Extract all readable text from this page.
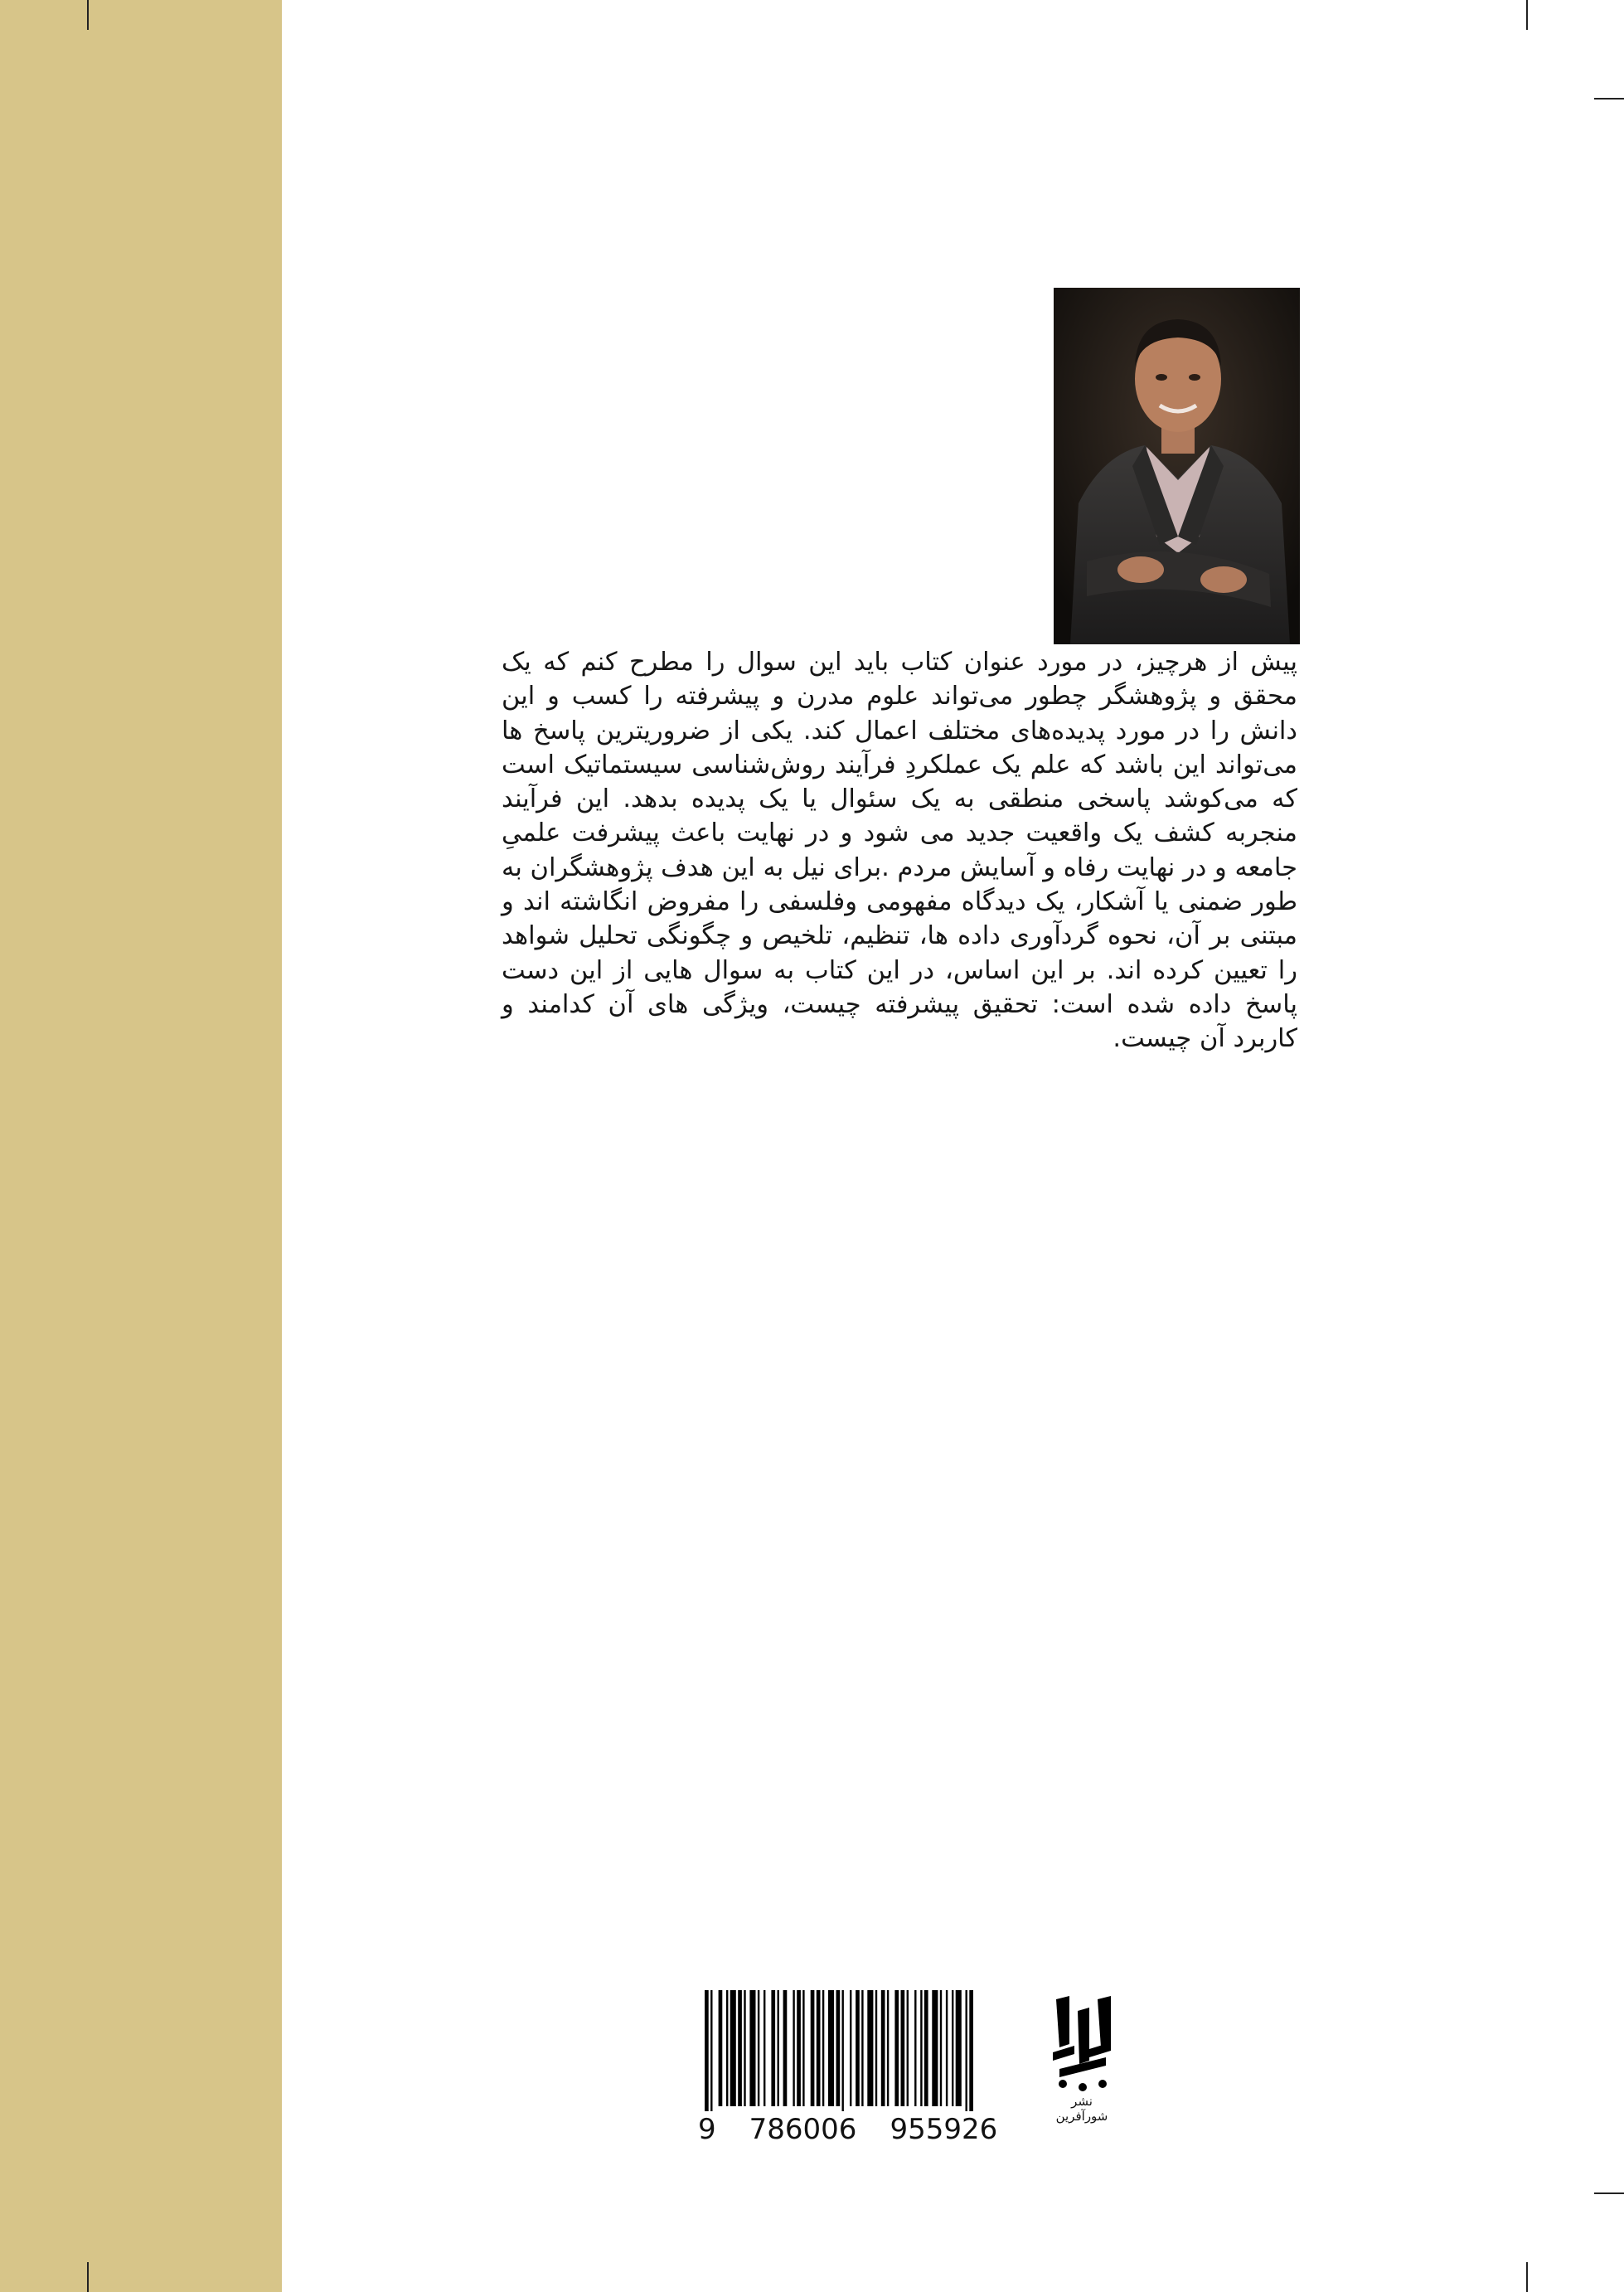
پیش از هرچیز، در مورد عنوان کتاب باید این سوال را مطرح کنم که یک محقق و پژوهشگر چطور می‌تواند علوم مدرن و پیشرفته را کسب و این دانش را در مورد پدیده‌های مختلف اعمال کند. یکی از ضروریترین پاسخ ها می‌تواند این باشد که علم یک عملکردِ فرآیند روش‌شناسی سیستماتیک است که می‌کوشد پاسخی منطقی به یک سئوال یا یک پدیده بدهد. این فرآیند منجربه کشف یک واقعیت جدید می شود و در نهایت باعث پیشرفت علمیِ جامعه و در نهایت رفاه و آسایش مردم .برای نیل به این هدف پژوهشگران به طور ضمنی یا آشکار، یک دیدگاه مفهومی وفلسفی را مفروض انگاشته اند و مبتنی بر آن، نحوه گردآوری داده ها، تنظیم، تلخیص و چگونگی تحلیل شواهد را تعیین کرده اند. بر این اساس، در این کتاب به سوال هایی از این دست پاسخ داده شده است: تحقیق پیشرفته چیست، ویژگی های آن کدامند و کاربرد آن چیست.

9 786006 955926
نشر
شورآفرین
